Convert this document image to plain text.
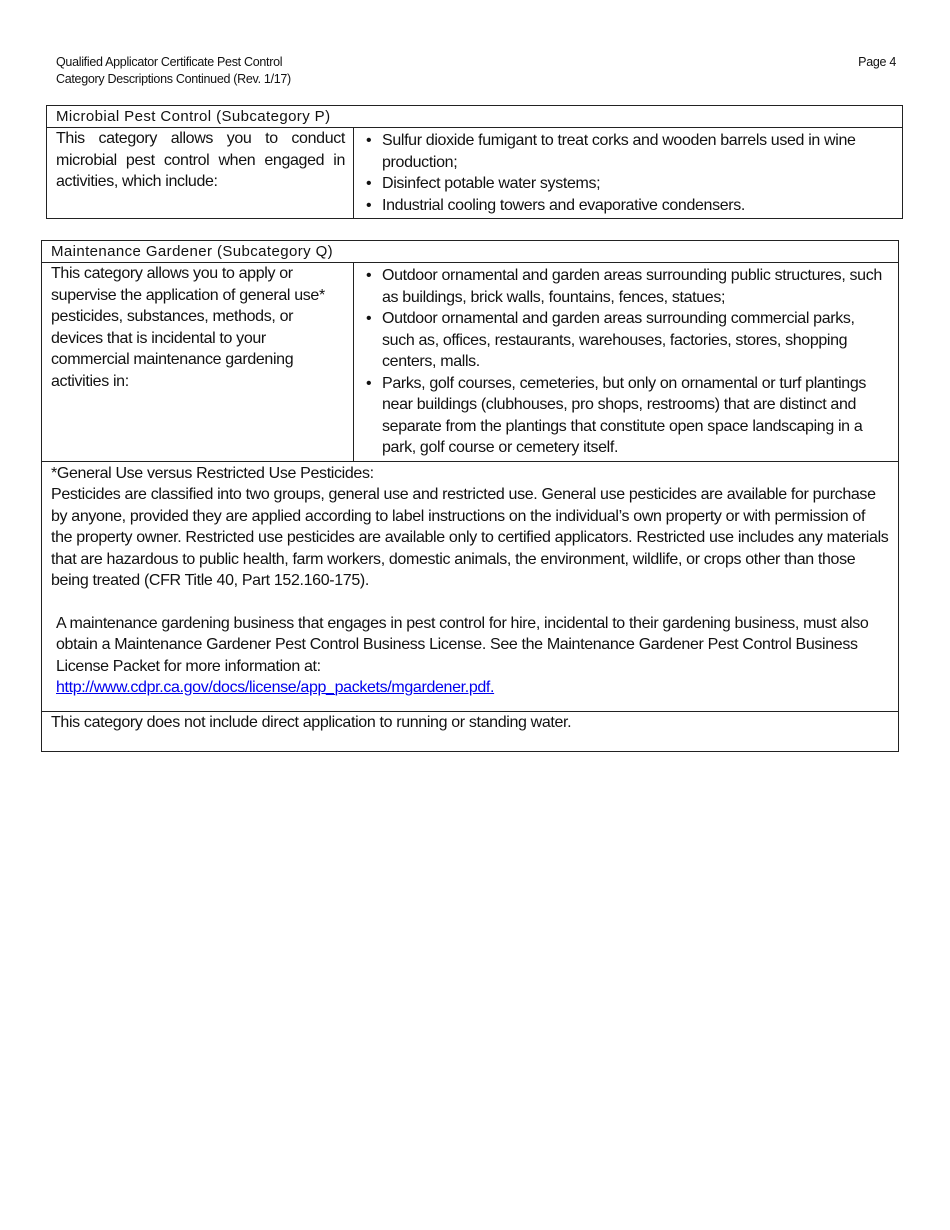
Qualified Applicator Certificate Pest Control
Category Descriptions Continued (Rev. 1/17)
Page 4
Microbial Pest Control (Subcategory P)
This category allows you to conduct microbial pest control when engaged in activities, which include:	
• Sulfur dioxide fumigant to treat corks and wooden barrels used in wine production;
• Disinfect potable water systems;
• Industrial cooling towers and evaporative condensers.
Maintenance Gardener (Subcategory Q)
This category allows you to apply or supervise the application of general use* pesticides, substances, methods, or devices that is incidental to your commercial maintenance gardening activities in:	
• Outdoor ornamental and garden areas surrounding public structures, such as buildings, brick walls, fountains, fences, statues;
• Outdoor ornamental and garden areas surrounding commercial parks, such as, offices, restaurants, warehouses, factories, stores, shopping centers, malls.
• Parks, golf courses, cemeteries, but only on ornamental or turf plantings near buildings (clubhouses, pro shops, restrooms) that are distinct and separate from the plantings that constitute open space landscaping in a park, golf course or cemetery itself.

*General Use versus Restricted Use Pesticides:

Pesticides are classified into two groups, general use and restricted use. General use pesticides are available for purchase by anyone, provided they are applied according to label instructions on the individual’s own property or with permission of the property owner. Restricted use pesticides are available only to certified applicators. Restricted use includes any materials that are hazardous to public health, farm workers, domestic animals, the environment, wildlife, or crops other than those being treated (CFR Title 40, Part 152.160-175).

A maintenance gardening business that engages in pest control for hire, incidental to their gardening business, must also obtain a Maintenance Gardener Pest Control Business License. See the Maintenance Gardener Pest Control Business License Packet for more information at:
http://www.cdpr.ca.gov/docs/license/app_packets/mgardener.pdf.

This category does not include direct application to running or standing water.
